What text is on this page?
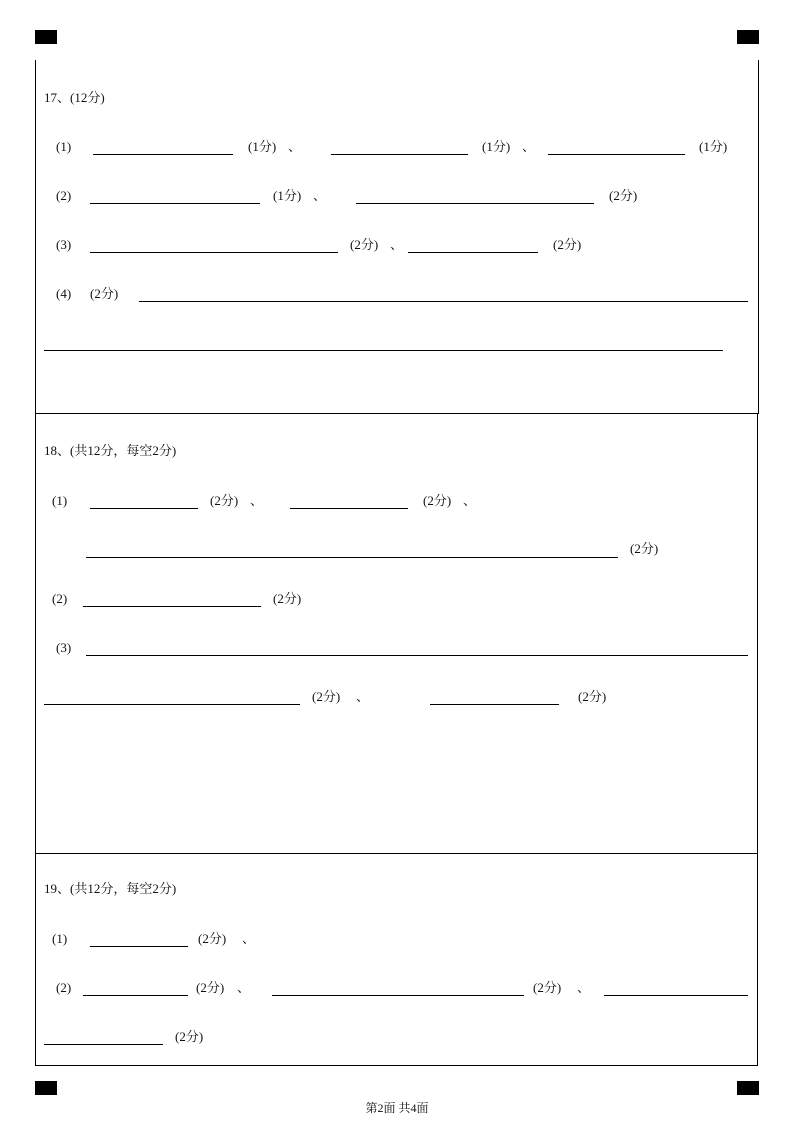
17、(12分)
(1)	(1分) 、	(1分) 、	(1分)
(2)	(1分) 、	(2分)
(3)	(2分) 、	(2分)
(4) (2分)
18、(共12分，每空2分)
(1)	(2分) 、	(2分) 、
(2分)
(2)	(2分)
(3)
(2分) 、	(2分)
19、(共12分，每空2分)
(1)	(2分) 、
(2)	(2分) 、	(2分) 、
(2分)
第2面 共4面
